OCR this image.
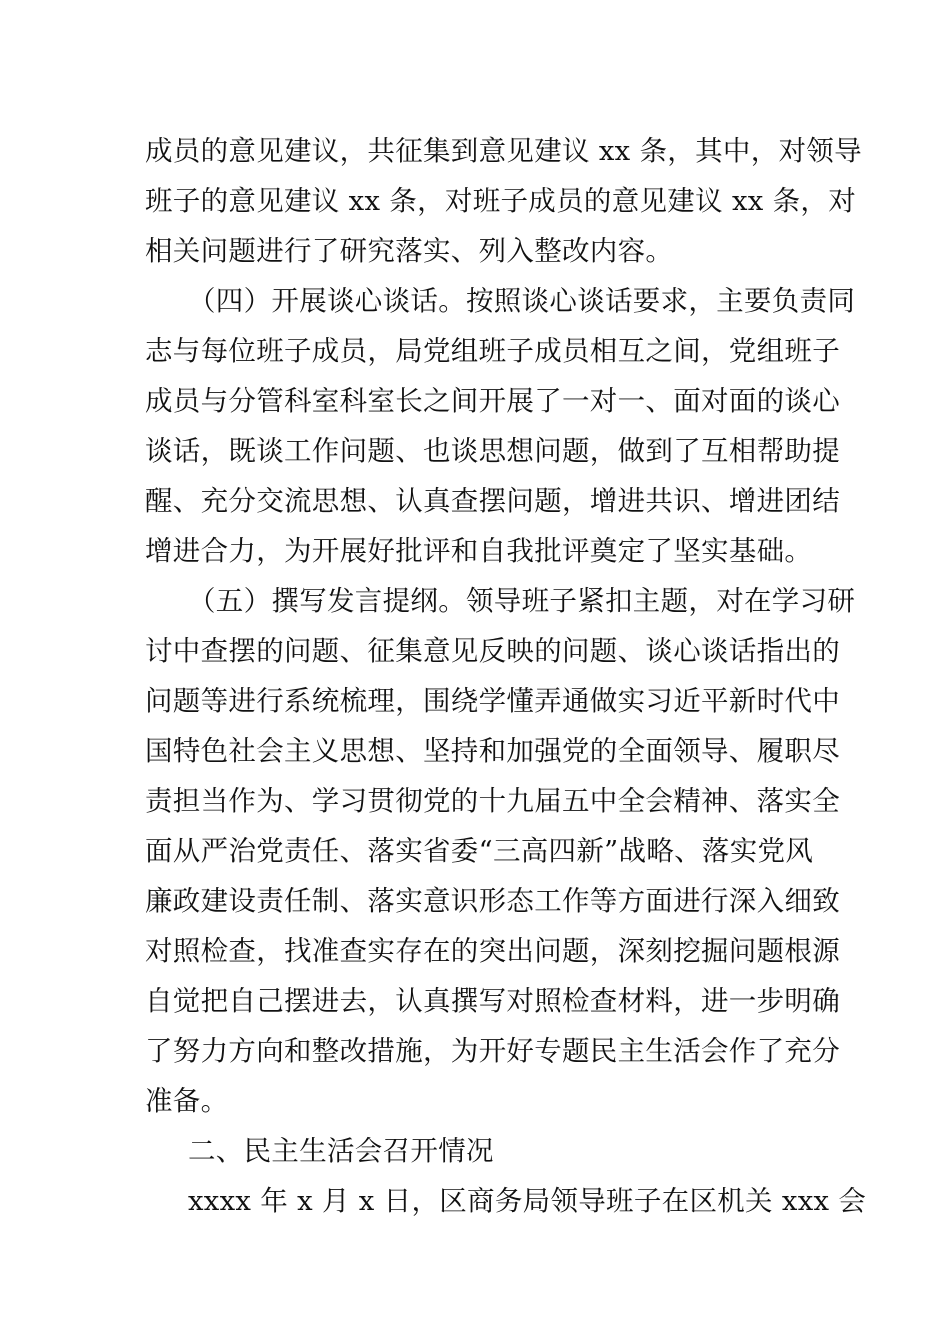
成员的意见建议，共征集到意见建议 xx 条，其中，对领导
班子的意见建议 xx 条，对班子成员的意见建议 xx 条，对
相关问题进行了研究落实、列入整改内容。
（四）开展谈心谈话。按照谈心谈话要求，主要负责同
志与每位班子成员，局党组班子成员相互之间，党组班子
成员与分管科室科室长之间开展了一对一、面对面的谈心
谈话，既谈工作问题、也谈思想问题，做到了互相帮助提
醒、充分交流思想、认真查摆问题，增进共识、增进团结
增进合力，为开展好批评和自我批评奠定了坚实基础。
（五）撰写发言提纲。领导班子紧扣主题，对在学习研
讨中查摆的问题、征集意见反映的问题、谈心谈话指出的
问题等进行系统梳理，围绕学懂弄通做实习近平新时代中
国特色社会主义思想、坚持和加强党的全面领导、履职尽
责担当作为、学习贯彻党的十九届五中全会精神、落实全
面从严治党责任、落实省委“三高四新”战略、落实党风
廉政建设责任制、落实意识形态工作等方面进行深入细致
对照检查，找准查实存在的突出问题，深刻挖掘问题根源
自觉把自己摆进去，认真撰写对照检查材料，进一步明确
了努力方向和整改措施，为开好专题民主生活会作了充分
准备。
二、民主生活会召开情况
xxxx 年 x 月 x 日，区商务局领导班子在区机关 xxx 会
